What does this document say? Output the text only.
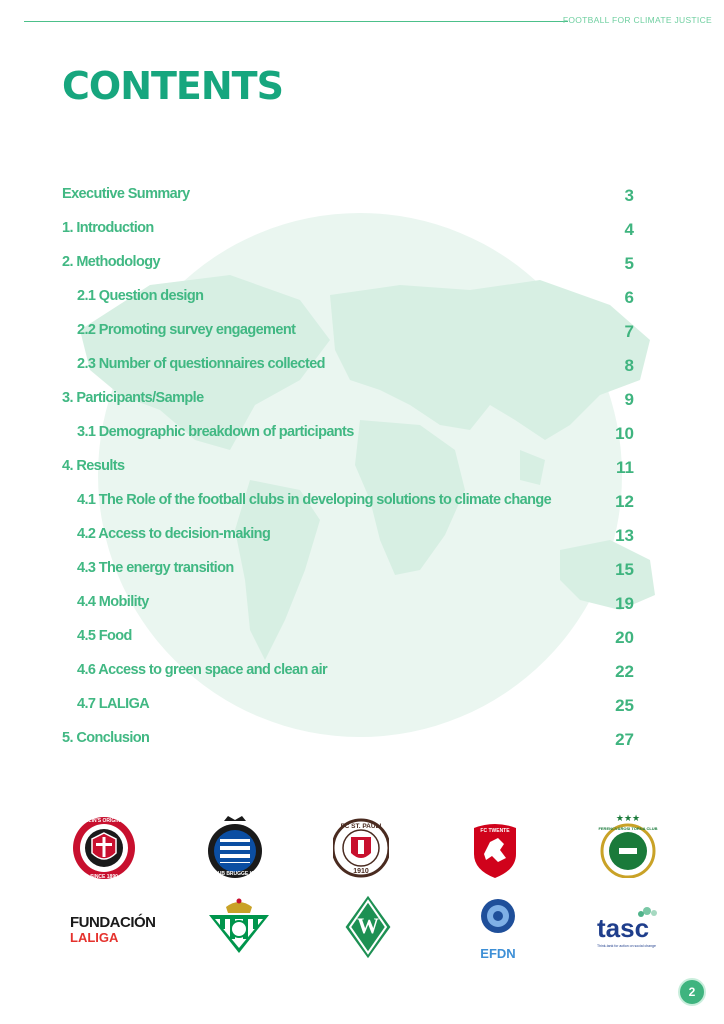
FOOTBALL FOR CLIMATE JUSTICE
CONTENTS
Executive Summary	3
1. Introduction	4
2. Methodology	5
2.1 Question design	6
2.2 Promoting survey engagement	7
2.3 Number of questionnaires collected	8
3. Participants/Sample	9
3.1 Demographic breakdown of participants	10
4. Results	11
4.1 The Role of the football clubs in developing solutions to climate change	12
4.2 Access to decision-making	13
4.3 The energy transition	15
4.4 Mobility	19
4.5 Food	20
4.6 Access to green space and clean air	22
4.7 LALIGA	25
5. Conclusion	27
DUBLIN'S ORIGINALS
SINCE 1890	CLUB BRUGGE K.V.
FC ST. PAULI
1910
FC TWENTE
★★★
FERENCVÁROSI TORNA CLUB
FUNDACIÓN
LALIGA	W
EFDN
tasc
Think-tank for action on social change
2
